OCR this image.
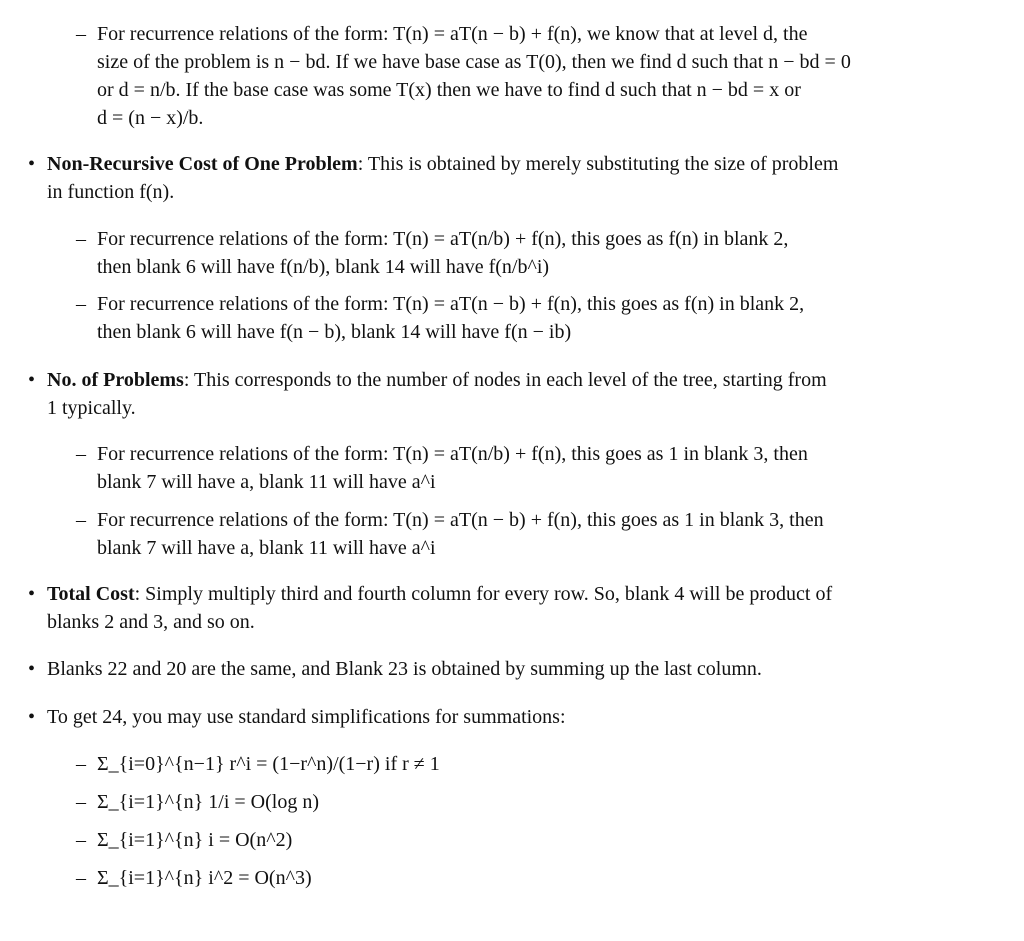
– For recurrence relations of the form: T(n) = aT(n − b) + f(n), we know that at level d, the
size of the problem is n − bd. If we have base case as T(0), then we find d such that n − bd = 0
or d = n/b. If the base case was some T(x) then we have to find d such that n − bd = x or
d = (n − x)/b.
• Non-Recursive Cost of One Problem: This is obtained by merely substituting the size of problem
in function f(n).
– For recurrence relations of the form: T(n) = aT(n/b) + f(n), this goes as f(n) in blank 2,
then blank 6 will have f(n/b), blank 14 will have f(n/b^i)
– For recurrence relations of the form: T(n) = aT(n − b) + f(n), this goes as f(n) in blank 2,
then blank 6 will have f(n − b), blank 14 will have f(n − ib)
• No. of Problems: This corresponds to the number of nodes in each level of the tree, starting from
1 typically.
– For recurrence relations of the form: T(n) = aT(n/b) + f(n), this goes as 1 in blank 3, then
blank 7 will have a, blank 11 will have a^i
– For recurrence relations of the form: T(n) = aT(n − b) + f(n), this goes as 1 in blank 3, then
blank 7 will have a, blank 11 will have a^i
• Total Cost: Simply multiply third and fourth column for every row. So, blank 4 will be product of
blanks 2 and 3, and so on.
• Blanks 22 and 20 are the same, and Blank 23 is obtained by summing up the last column.
• To get 24, you may use standard simplifications for summations:
– Σ_{i=0}^{n−1} r^i = (1−r^n)/(1−r) if r ≠ 1
– Σ_{i=1}^{n} 1/i = O(log n)
– Σ_{i=1}^{n} i = O(n^2)
– Σ_{i=1}^{n} i^2 = O(n^3)
